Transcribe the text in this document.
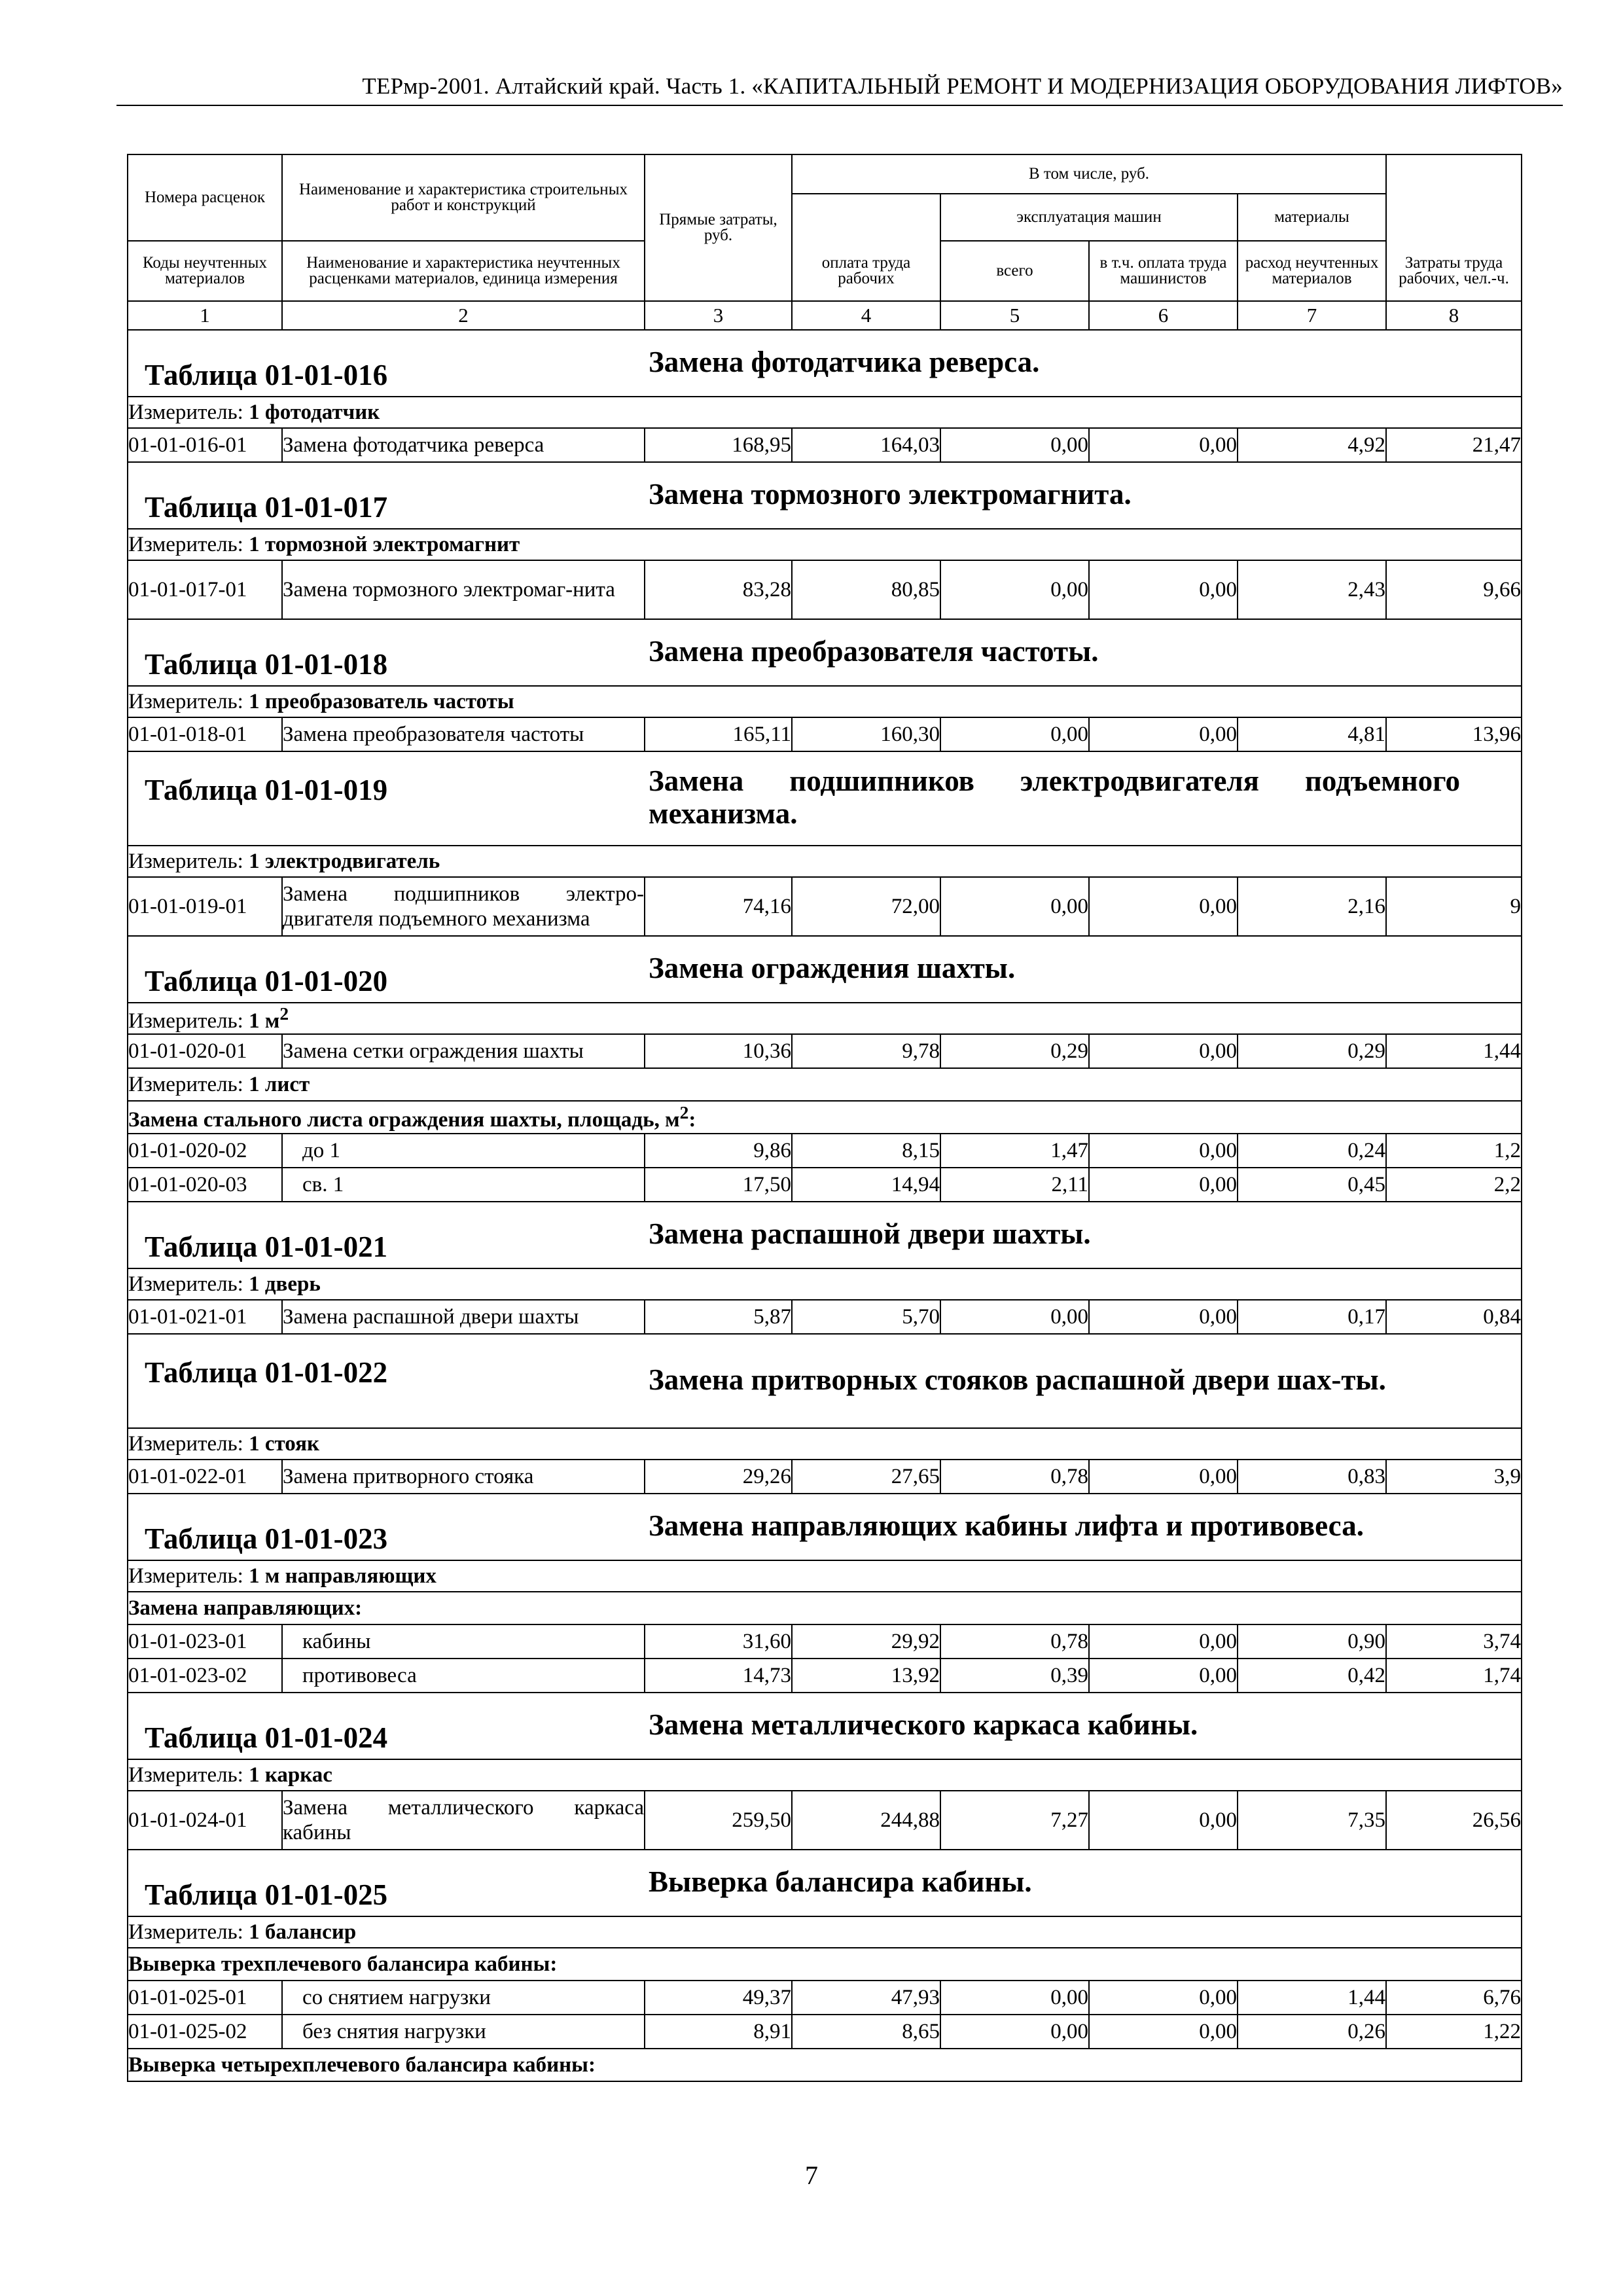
ТЕРмр-2001. Алтайский край. Часть 1. «КАПИТАЛЬНЫЙ РЕМОНТ И МОДЕРНИЗАЦИЯ ОБОРУДОВАНИЯ ЛИФТОВ»
Номера расценок	Наименование и характеристика строительных работ и конструкций	Прямые затраты, руб.	В том числе, руб.				
				эксплуатация машин		материалы	
Коды неучтенных материалов	Наименование и характеристика неучтенных расценками материалов, единица измерения		оплата труда рабочих	всего	в т.ч. оплата труда машинистов	расход неучтенных материалов	Затраты труда рабочих, чел.-ч.
1	2	3	4	5	6	7	8

Таблица 01-01-016 Замена фотодатчика реверса.							

Измеритель: 1 фотодатчик							
01-01-016-01	Замена фотодатчика реверса	168,95	164,03	0,00	0,00	4,92	21,47

Таблица 01-01-017 Замена тормозного электромагнита.							

Измеритель: 1 тормозной электромагнит							
01-01-017-01	Замена тормозного электромаг-нита	83,28	80,85	0,00	0,00	2,43	9,66

Таблица 01-01-018 Замена преобразователя частоты.							

Измеритель: 1 преобразователь частоты							
01-01-018-01	Замена преобразователя частоты	165,11	160,30	0,00	0,00	4,81	13,96

Таблица 01-01-019 Замена подшипников электродвигателя подъемного механизма.							

Измеритель: 1 электродвигатель							
01-01-019-01	Замена подшипников электро-двигателя подъемного механизма	74,16	72,00	0,00	0,00	2,16	9

Таблица 01-01-020 Замена ограждения шахты.							

Измеритель: 1 $м^2$
01-01-020-01	Замена сетки ограждения шахты	10,36	9,78	0,29	0,00	0,29	1,44
Измеритель: 1 лист							
Замена стального листа ограждения шахты, площадь, $м^2$:							
01-01-020-02	до 1	9,86	8,15	1,47	0,00	0,24	1,2
01-01-020-03	св. 1	17,50	14,94	2,11	0,00	0,45	2,2

Таблица 01-01-021 Замена распашной двери шахты.							

Измеритель: 1 дверь							
01-01-021-01	Замена распашной двери шахты	5,87	5,70	0,00	0,00	0,17	0,84

Таблица 01-01-022 Замена притворных стояков распашной двери шах-ты.							

Измеритель: 1 стояк							
01-01-022-01	Замена притворного стояка	29,26	27,65	0,78	0,00	0,83	3,9

Таблица 01-01-023 Замена направляющих кабины лифта и противовеса.							

Измеритель: 1 м направляющих							
Замена направляющих:							
01-01-023-01	кабины	31,60	29,92	0,78	0,00	0,90	3,74
01-01-023-02	противовеса	14,73	13,92	0,39	0,00	0,42	1,74

Таблица 01-01-024 Замена металлического каркаса кабины.							

Измеритель: 1 каркас							
01-01-024-01	Замена металлического каркаса кабины	259,50	244,88	7,27	0,00	7,35	26,56

Таблица 01-01-025 Выверка балансира кабины.							

Измеритель: 1 балансир							
Выверка трехплечевого балансира кабины:							
01-01-025-01	со снятием нагрузки	49,37	47,93	0,00	0,00	1,44	6,76
01-01-025-02	без снятия нагрузки	8,91	8,65	0,00	0,00	0,26	1,22
Выверка четырехплечевого балансира кабины:							
7
